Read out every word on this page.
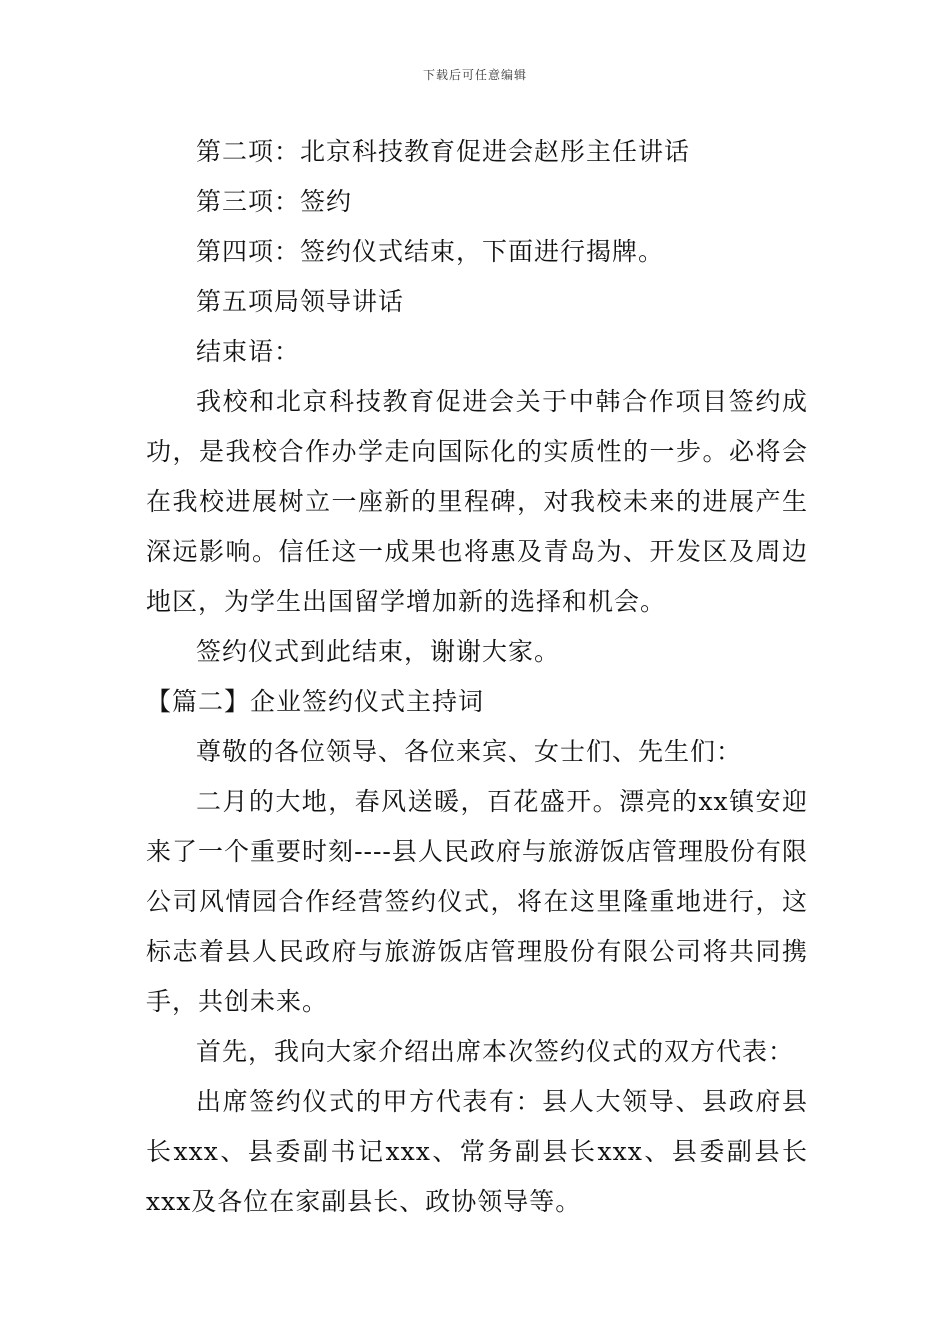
下载后可任意编辑
第二项：北京科技教育促进会赵彤主任讲话
第三项：签约
第四项：签约仪式结束，下面进行揭牌。
第五项局领导讲话
结束语：
我校和北京科技教育促进会关于中韩合作项目签约成功，是我校合作办学走向国际化的实质性的一步。必将会在我校进展树立一座新的里程碑，对我校未来的进展产生深远影响。信任这一成果也将惠及青岛为、开发区及周边地区，为学生出国留学增加新的选择和机会。
签约仪式到此结束，谢谢大家。
【篇二】企业签约仪式主持词
尊敬的各位领导、各位来宾、女士们、先生们：
二月的大地，春风送暖，百花盛开。漂亮的xx镇安迎来了一个重要时刻----县人民政府与旅游饭店管理股份有限公司风情园合作经营签约仪式，将在这里隆重地进行，这标志着县人民政府与旅游饭店管理股份有限公司将共同携手，共创未来。
首先，我向大家介绍出席本次签约仪式的双方代表：
出席签约仪式的甲方代表有：县人大领导、县政府县长xxx、县委副书记xxx、常务副县长xxx、县委副县长xxx及各位在家副县长、政协领导等。
